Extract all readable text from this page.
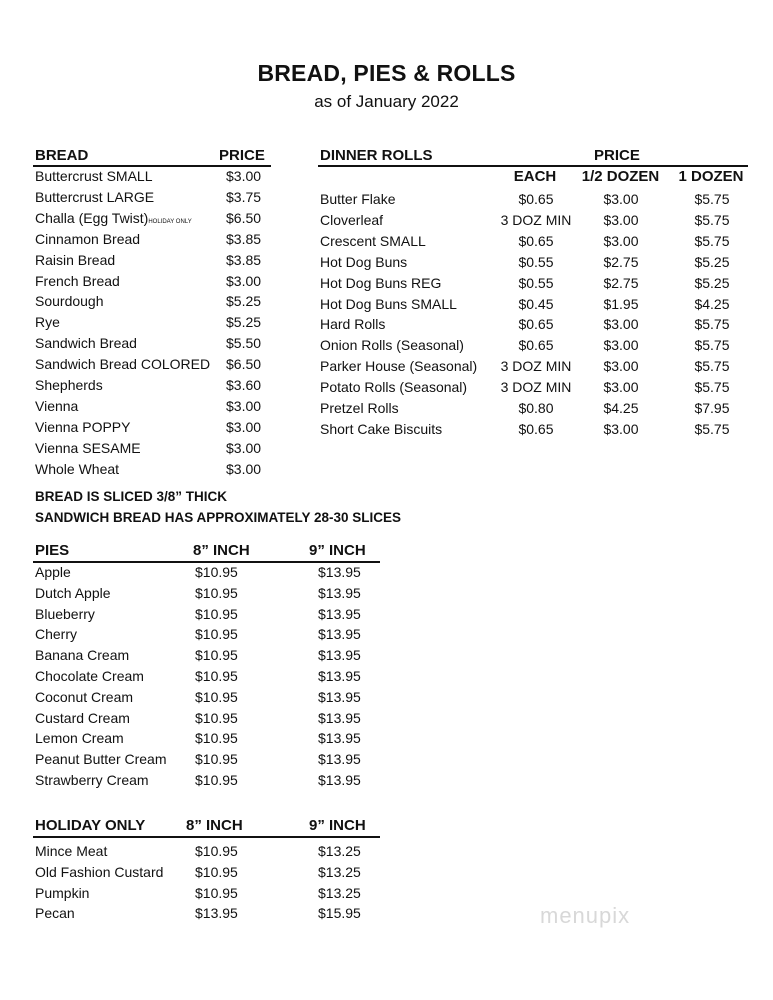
BREAD, PIES & ROLLS
as of January 2022
BREAD	PRICE
Buttercrust SMALL	$3.00
Buttercrust LARGE	$3.75
Challa (Egg Twist)HOLIDAY ONLY $6.50
Cinnamon Bread	$3.85
Raisin Bread	$3.85
French Bread	$3.00
Sourdough	$5.25
Rye	$5.25
Sandwich Bread	$5.50
Sandwich Bread COLORED $6.50
Shepherds	$3.60
Vienna	$3.00
Vienna POPPY	$3.00
Vienna SESAME	$3.00
Whole Wheat	$3.00
DINNER ROLLS	PRICE
EACH	1/2 DOZEN	1 DOZEN
Butter Flake	$0.65	$3.00	$5.75
Cloverleaf	3 DOZ MIN	$3.00	$5.75
Crescent SMALL	$0.65	$3.00	$5.75
Hot Dog Buns	$0.55	$2.75	$5.25
Hot Dog Buns REG	$0.55	$2.75	$5.25
Hot Dog Buns SMALL	$0.45	$1.95	$4.25
Hard Rolls	$0.65	$3.00	$5.75
Onion Rolls (Seasonal)	$0.65	$3.00	$5.75
Parker House (Seasonal)	3 DOZ MIN	$3.00	$5.75
Potato Rolls (Seasonal)	3 DOZ MIN	$3.00	$5.75
Pretzel Rolls	$0.80	$4.25	$7.95
Short Cake Biscuits	$0.65	$3.00	$5.75
BREAD IS SLICED 3/8” THICK
SANDWICH BREAD HAS APPROXIMATELY 28-30 SLICES
PIES	8” INCH	9” INCH
Apple	$10.95	$13.95
Dutch Apple	$10.95	$13.95
Blueberry	$10.95	$13.95
Cherry	$10.95	$13.95
Banana Cream	$10.95	$13.95
Chocolate Cream	$10.95	$13.95
Coconut Cream	$10.95	$13.95
Custard Cream	$10.95	$13.95
Lemon Cream	$10.95	$13.95
Peanut Butter Cream $10.95	$13.95
Strawberry Cream	$10.95	$13.95
HOLIDAY ONLY	8” INCH	9” INCH
Mince Meat	$10.95	$13.25
Old Fashion Custard $10.95	$13.25
Pumpkin	$10.95	$13.25
Pecan	$13.95	$15.95	menupix
